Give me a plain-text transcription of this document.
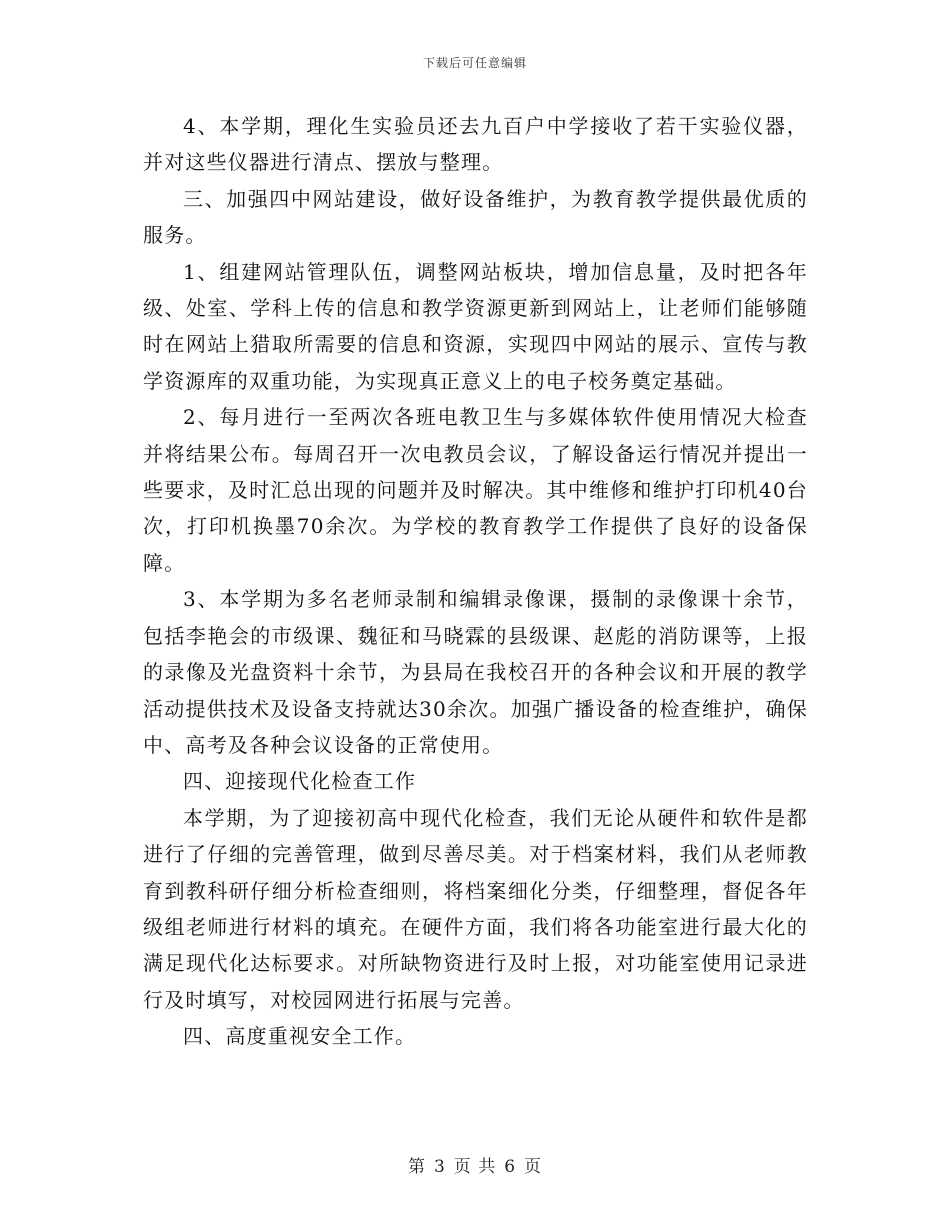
下载后可任意编辑

4、本学期，理化生实验员还去九百户中学接收了若干实验仪器，并对这些仪器进行清点、摆放与整理。

三、加强四中网站建设，做好设备维护，为教育教学提供最优质的服务。

1、组建网站管理队伍，调整网站板块，增加信息量，及时把各年级、处室、学科上传的信息和教学资源更新到网站上，让老师们能够随时在网站上猎取所需要的信息和资源，实现四中网站的展示、宣传与教学资源库的双重功能，为实现真正意义上的电子校务奠定基础。

2、每月进行一至两次各班电教卫生与多媒体软件使用情况大检查并将结果公布。每周召开一次电教员会议，了解设备运行情况并提出一些要求，及时汇总出现的问题并及时解决。其中维修和维护打印机40台次，打印机换墨70余次。为学校的教育教学工作提供了良好的设备保障。

3、本学期为多名老师录制和编辑录像课，摄制的录像课十余节，包括李艳会的市级课、魏征和马晓霖的县级课、赵彪的消防课等，上报的录像及光盘资料十余节，为县局在我校召开的各种会议和开展的教学活动提供技术及设备支持就达30余次。加强广播设备的检查维护，确保中、高考及各种会议设备的正常使用。

四、迎接现代化检查工作

本学期，为了迎接初高中现代化检查，我们无论从硬件和软件是都进行了仔细的完善管理，做到尽善尽美。对于档案材料，我们从老师教育到教科研仔细分析检查细则，将档案细化分类，仔细整理，督促各年级组老师进行材料的填充。在硬件方面，我们将各功能室进行最大化的满足现代化达标要求。对所缺物资进行及时上报，对功能室使用记录进行及时填写，对校园网进行拓展与完善。

四、高度重视安全工作。

第 3 页 共 6 页
